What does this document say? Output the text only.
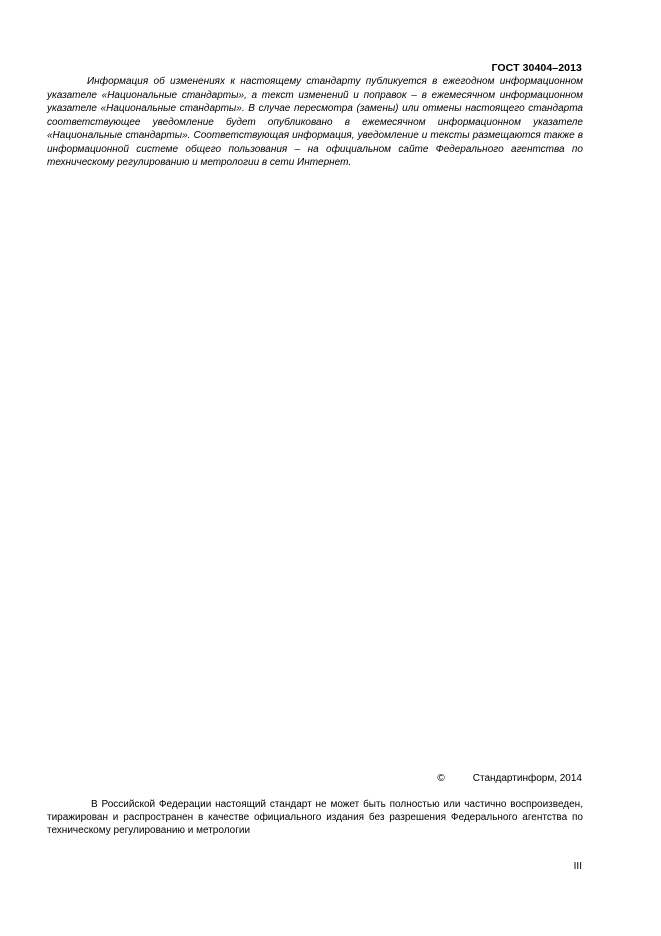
ГОСТ 30404–2013

Информация об изменениях к настоящему стандарту публикуется в ежегодном информационном указателе «Национальные стандарты», а текст изменений и поправок – в ежемесячном информационном указателе «Национальные стандарты». В случае пересмотра (замены) или отмены настоящего стандарта соответствующее уведомление будет опубликовано в ежемесячном информационном указателе «Национальные стандарты». Соответствующая информация, уведомление и тексты размещаются также в информационной системе общего пользования – на официальном сайте Федерального агентства по техническому регулированию и метрологии в сети Интернет.

©	Стандартинформ, 2014

В Российской Федерации настоящий стандарт не может быть полностью или частично воспроизведен, тиражирован и распространен в качестве официального издания без разрешения Федерального агентства по техническому регулированию и метрологии

III
